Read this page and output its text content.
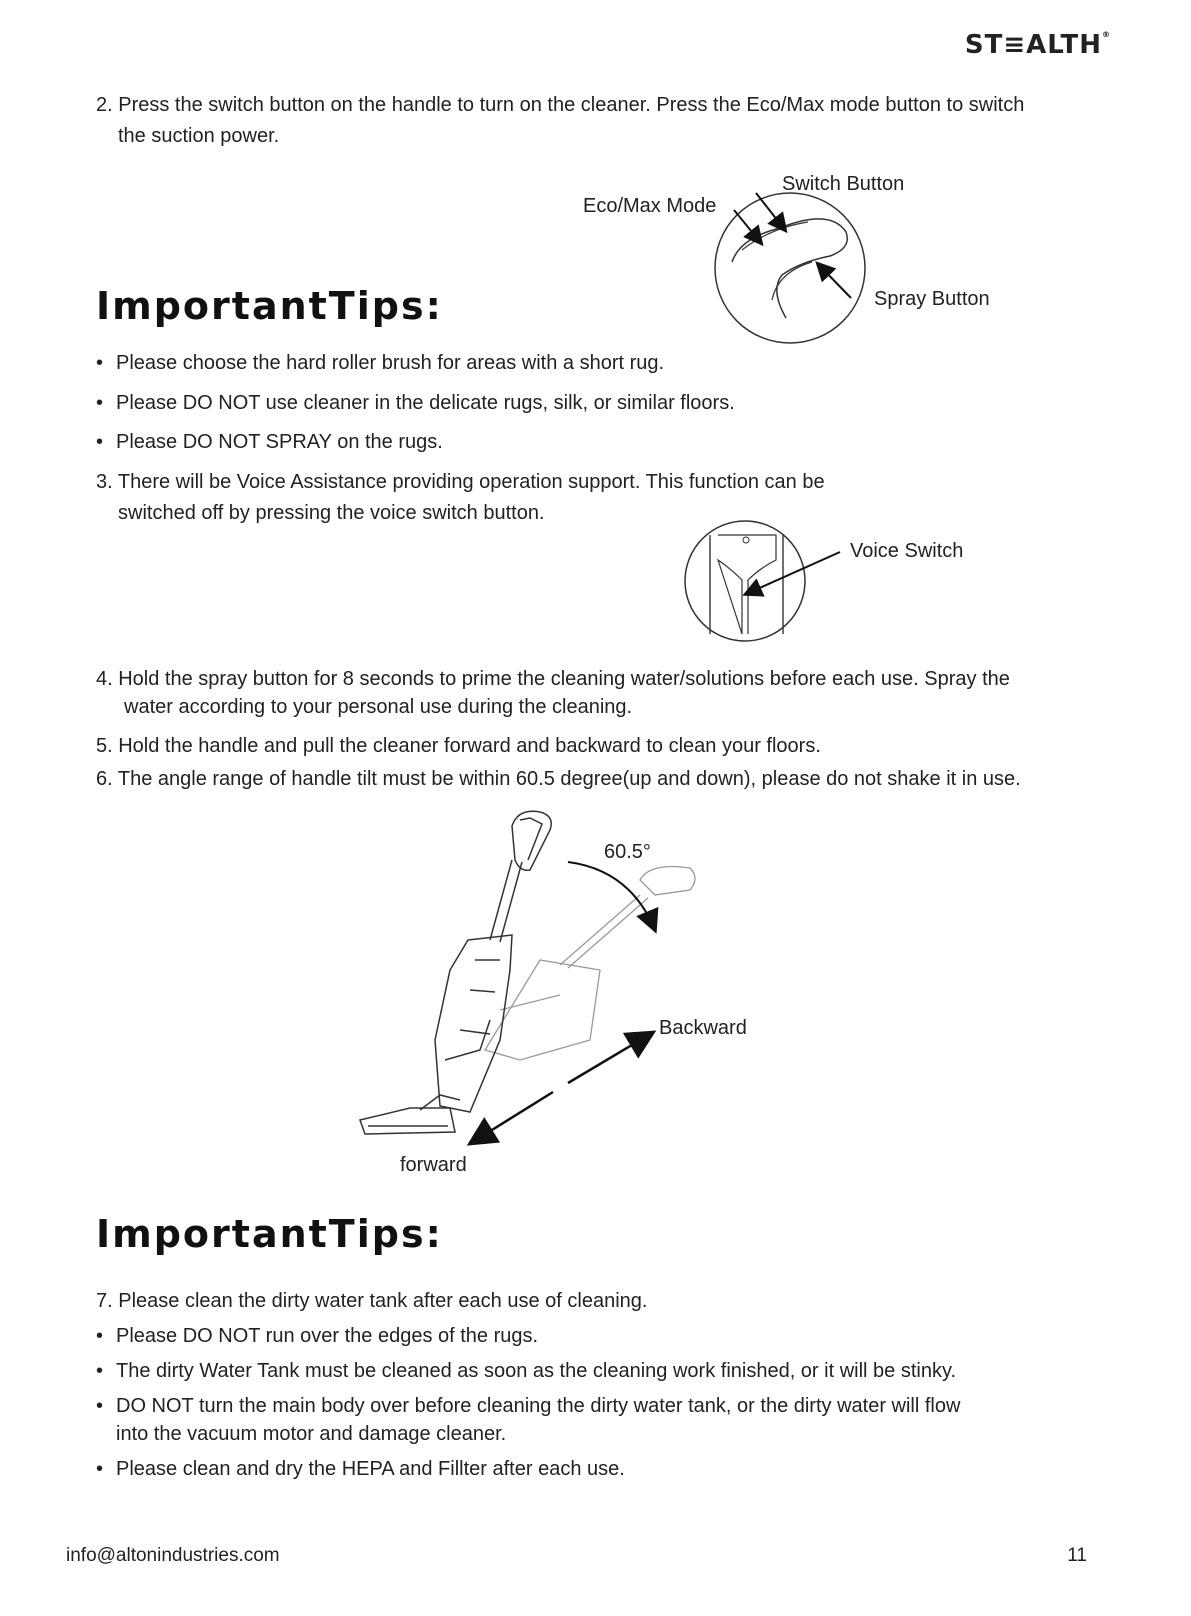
ST≡ALTH®
2. Press the switch button on the handle to turn on the cleaner. Press the Eco/Max mode button to switch
the suction power.
Eco/Max Mode
Switch Button
Spray Button
ImportantTips:
• Please choose the hard roller brush for areas with a short rug.
• Please DO NOT use cleaner in the delicate rugs, silk, or similar floors.
• Please DO NOT SPRAY on the rugs.
3. There will be Voice Assistance providing operation support. This function can be
switched off by pressing the voice switch button.
Voice Switch
4. Hold the spray button for 8 seconds to prime the cleaning water/solutions before each use. Spray the
water according to your personal use during the cleaning.
5. Hold the handle and pull the cleaner forward and backward to clean your floors.
6. The angle range of handle tilt must be within 60.5 degree(up and down), please do not shake it in use.
60.5°
Backward
forward
ImportantTips:
7. Please clean the dirty water tank after each use of cleaning.
• Please DO NOT run over the edges of the rugs.
• The dirty Water Tank must be cleaned as soon as the cleaning work finished, or it will be stinky.
• DO NOT turn the main body over before cleaning the dirty water tank, or the dirty water will flow
into the vacuum motor and damage cleaner.
• Please clean and dry the HEPA and Fillter after each use.
info@altonindustries.com	11
